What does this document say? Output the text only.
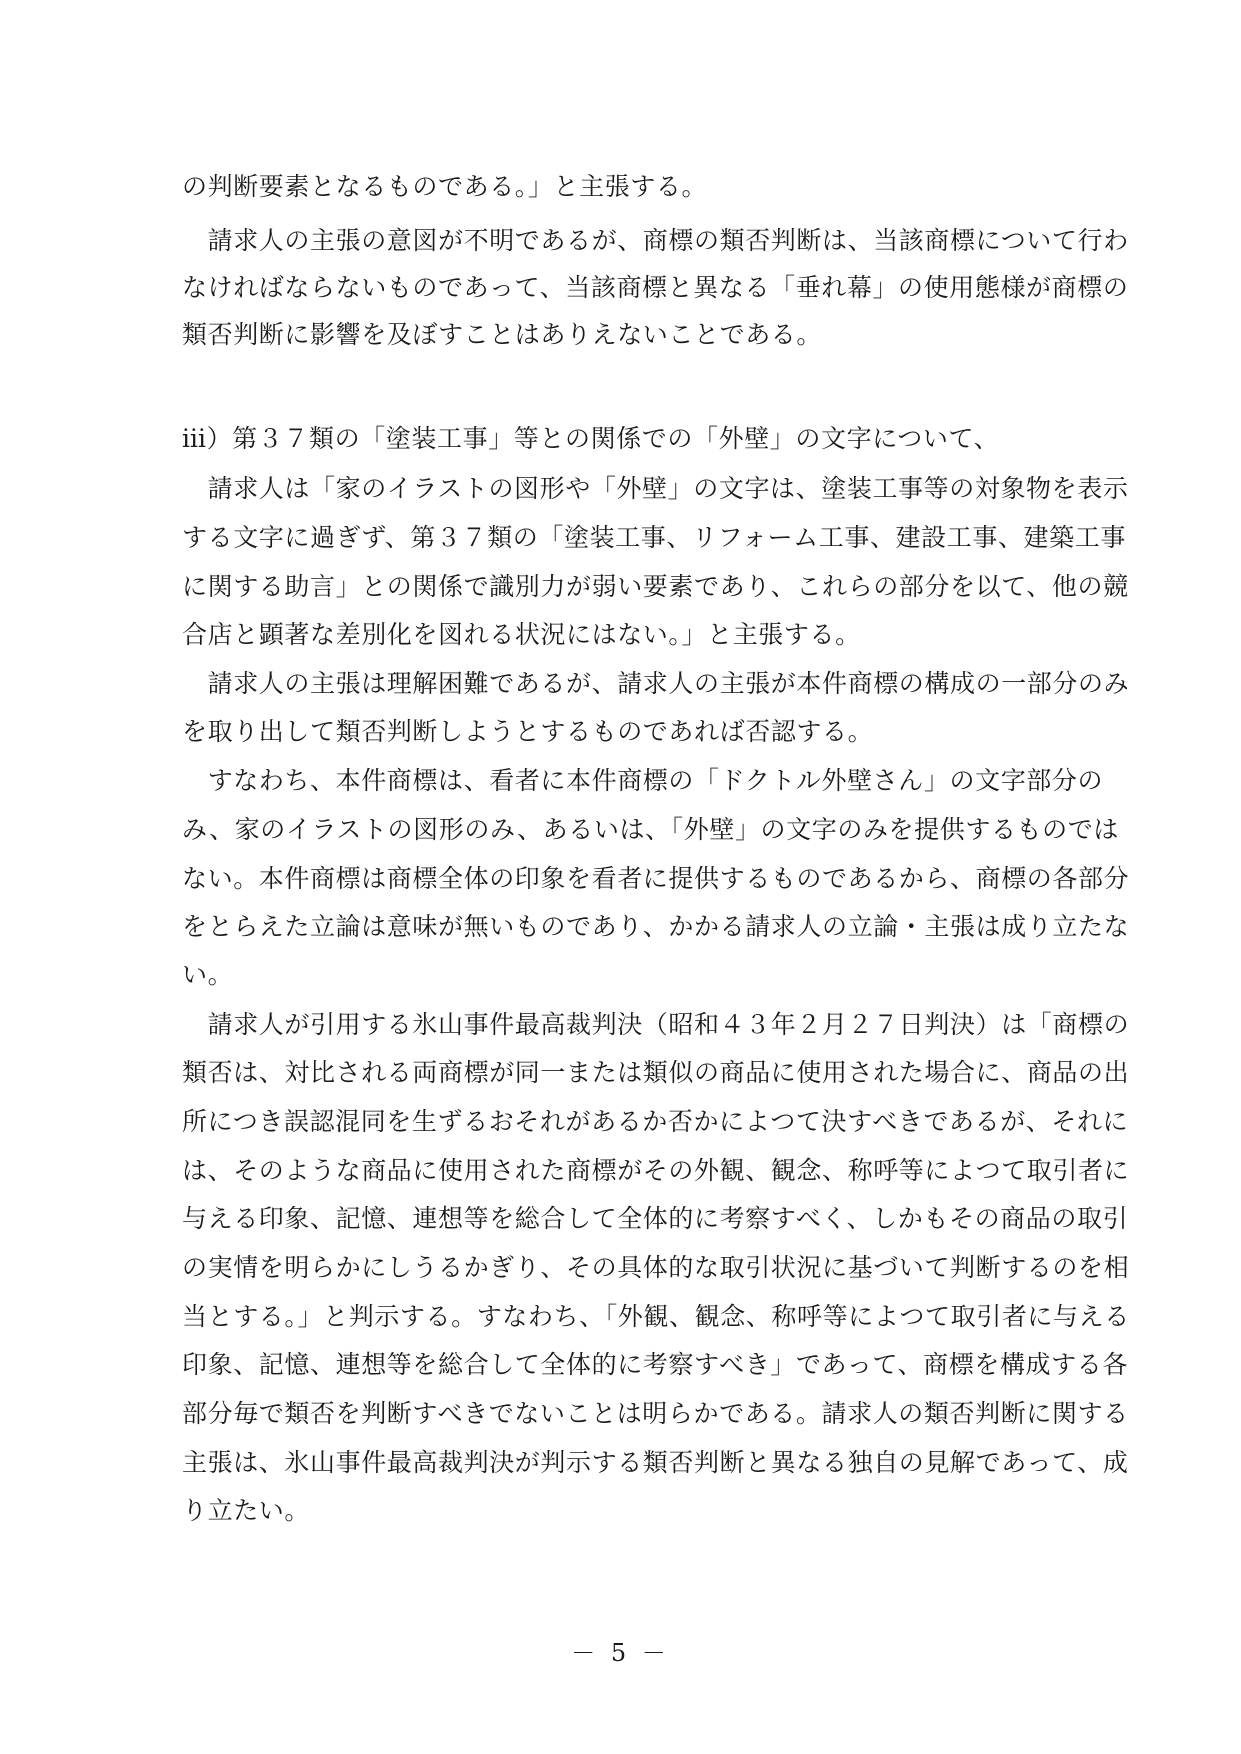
の判断要素となるものである。」と主張する。
　請求人の主張の意図が不明であるが、商標の類否判断は、当該商標について行わ
なければならないものであって、当該商標と異なる「垂れ幕」の使用態様が商標の
類否判断に影響を及ぼすことはありえないことである。
ⅲ）第３７類の「塗装工事」等との関係での「外壁」の文字について、
　請求人は「家のイラストの図形や「外壁」の文字は、塗装工事等の対象物を表示
する文字に過ぎず、第３７類の「塗装工事、リフォーム工事、建設工事、建築工事
に関する助言」との関係で識別力が弱い要素であり、これらの部分を以て、他の競
合店と顕著な差別化を図れる状況にはない。」と主張する。
　請求人の主張は理解困難であるが、請求人の主張が本件商標の構成の一部分のみ
を取り出して類否判断しようとするものであれば否認する。
　すなわち、本件商標は、看者に本件商標の「ドクトル外壁さん」の文字部分の
み、家のイラストの図形のみ、あるいは、「外壁」の文字のみを提供するものでは
ない。本件商標は商標全体の印象を看者に提供するものであるから、商標の各部分
をとらえた立論は意味が無いものであり、かかる請求人の立論・主張は成り立たな
い。
　請求人が引用する氷山事件最高裁判決（昭和４３年２月２７日判決）は「商標の
類否は、対比される両商標が同一または類似の商品に使用された場合に、商品の出
所につき誤認混同を生ずるおそれがあるか否かによつて決すべきであるが、それに
は、そのような商品に使用された商標がその外観、観念、称呼等によつて取引者に
与える印象、記憶、連想等を総合して全体的に考察すべく、しかもその商品の取引
の実情を明らかにしうるかぎり、その具体的な取引状況に基づいて判断するのを相
当とする。」と判示する。すなわち、「外観、観念、称呼等によつて取引者に与える
印象、記憶、連想等を総合して全体的に考察すべき」であって、商標を構成する各
部分毎で類否を判断すべきでないことは明らかである。請求人の類否判断に関する
主張は、氷山事件最高裁判決が判示する類否判断と異なる独自の見解であって、成
り立たい。
－ 5 －
